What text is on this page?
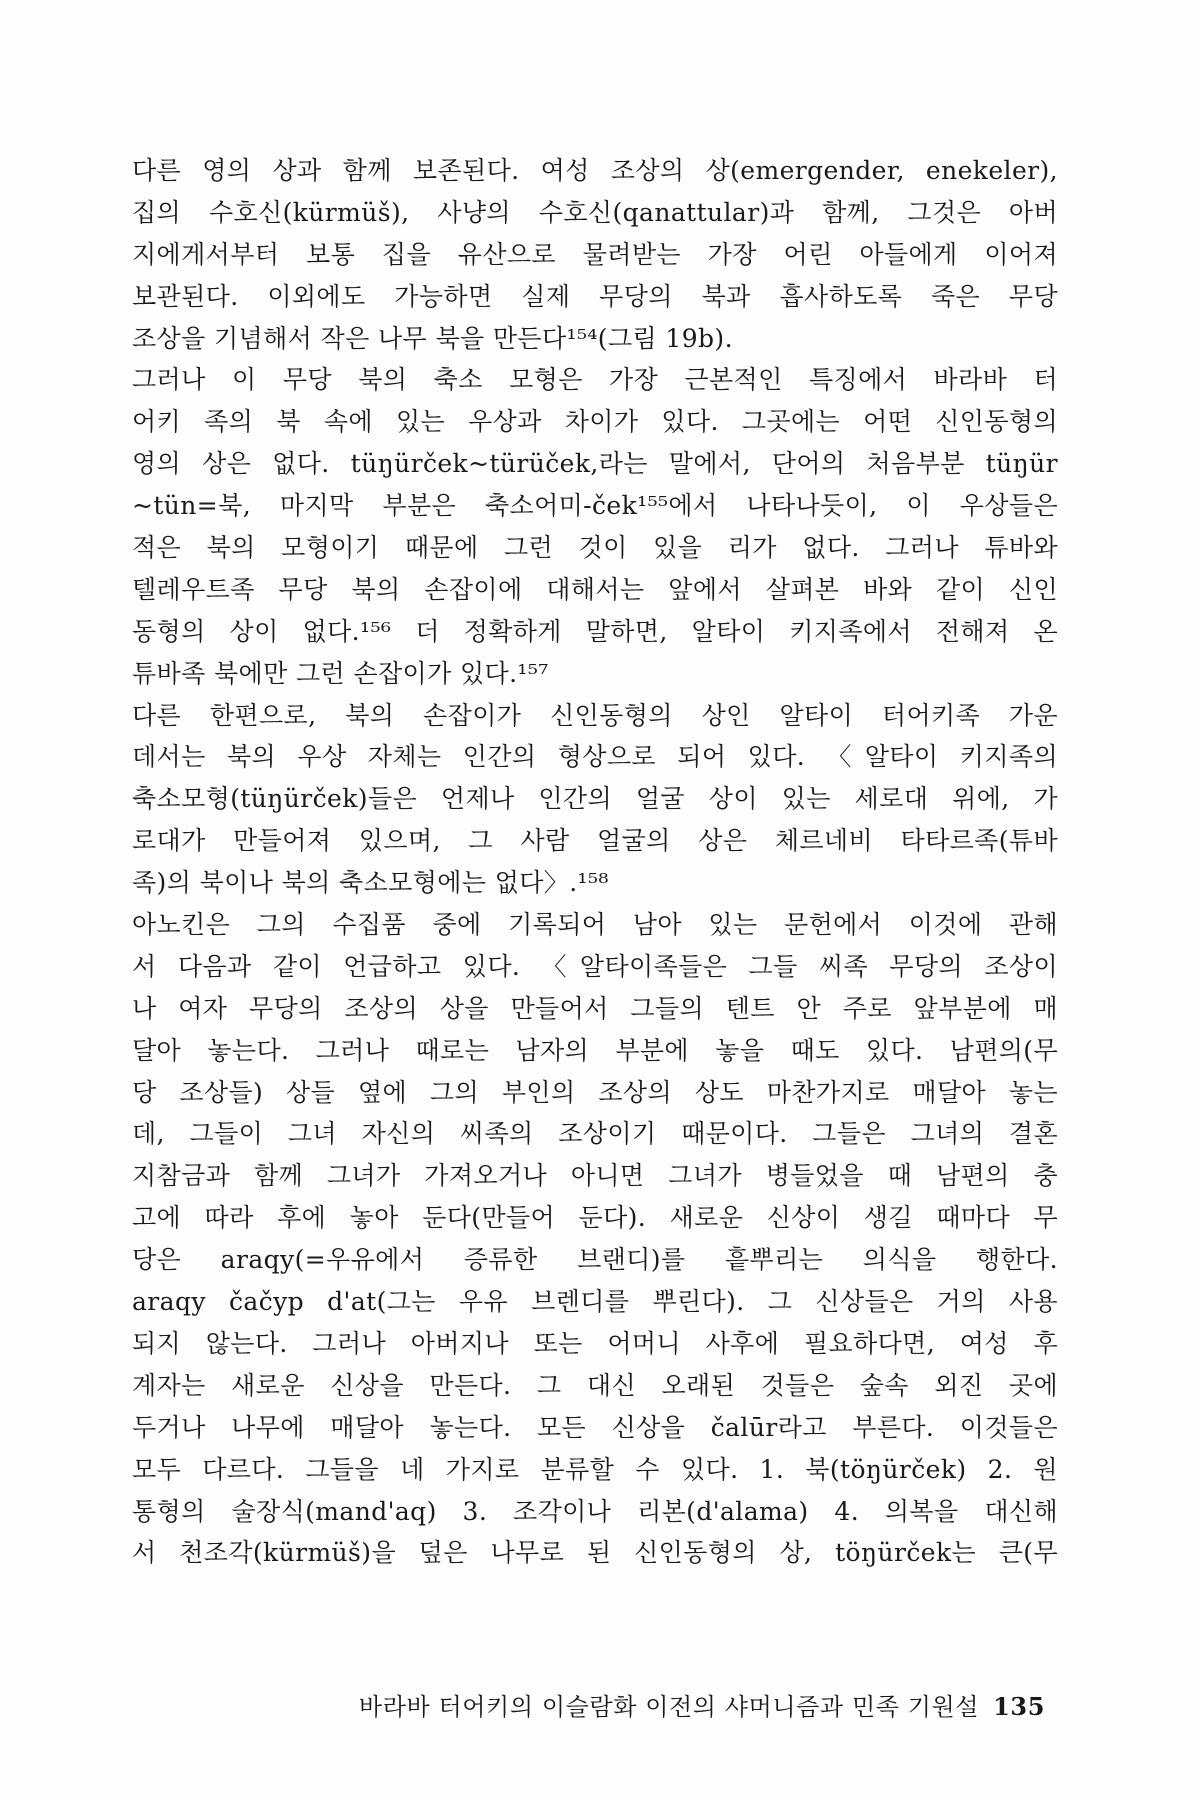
다른 영의 상과 함께 보존된다. 여성 조상의 상(emergender, enekeler),
집의 수호신(kürmüš), 사냥의 수호신(qanattular)과 함께, 그것은 아버
지에게서부터 보통 집을 유산으로 물려받는 가장 어린 아들에게 이어져
보관된다. 이외에도 가능하면 실제 무당의 북과 흡사하도록 죽은 무당
조상을 기념해서 작은 나무 북을 만든다¹⁵⁴(그림 19b).
그러나 이 무당 북의 축소 모형은 가장 근본적인 특징에서 바라바 터
어키 족의 북 속에 있는 우상과 차이가 있다. 그곳에는 어떤 신인동형의
영의 상은 없다. tüŋürček~türüček,라는 말에서, 단어의 처음부분 tüŋür
~tün=북, 마지막 부분은 축소어미-ček¹⁵⁵에서 나타나듯이, 이 우상들은
적은 북의 모형이기 때문에 그런 것이 있을 리가 없다. 그러나 튜바와
텔레우트족 무당 북의 손잡이에 대해서는 앞에서 살펴본 바와 같이 신인
동형의 상이 없다.¹⁵⁶ 더 정확하게 말하면, 알타이 키지족에서 전해져 온
튜바족 북에만 그런 손잡이가 있다.¹⁵⁷
다른 한편으로, 북의 손잡이가 신인동형의 상인 알타이 터어키족 가운
데서는 북의 우상 자체는 인간의 형상으로 되어 있다. 〈알타이 키지족의
축소모형(tüŋürček)들은 언제나 인간의 얼굴 상이 있는 세로대 위에, 가
로대가 만들어져 있으며, 그 사람 얼굴의 상은 체르네비 타타르족(튜바
족)의 북이나 북의 축소모형에는 없다〉.¹⁵⁸
아노킨은 그의 수집품 중에 기록되어 남아 있는 문헌에서 이것에 관해
서 다음과 같이 언급하고 있다. 〈알타이족들은 그들 씨족 무당의 조상이
나 여자 무당의 조상의 상을 만들어서 그들의 텐트 안 주로 앞부분에 매
달아 놓는다. 그러나 때로는 남자의 부분에 놓을 때도 있다. 남편의(무
당 조상들) 상들 옆에 그의 부인의 조상의 상도 마찬가지로 매달아 놓는
데, 그들이 그녀 자신의 씨족의 조상이기 때문이다. 그들은 그녀의 결혼
지참금과 함께 그녀가 가져오거나 아니면 그녀가 병들었을 때 남편의 충
고에 따라 후에 놓아 둔다(만들어 둔다). 새로운 신상이 생길 때마다 무
당은 araqy(=우유에서 증류한 브랜디)를 흩뿌리는 의식을 행한다.
araqy čačyp d'at(그는 우유 브렌디를 뿌린다). 그 신상들은 거의 사용
되지 않는다. 그러나 아버지나 또는 어머니 사후에 필요하다면, 여성 후
계자는 새로운 신상을 만든다. 그 대신 오래된 것들은 숲속 외진 곳에
두거나 나무에 매달아 놓는다. 모든 신상을 čalūr라고 부른다. 이것들은
모두 다르다. 그들을 네 가지로 분류할 수 있다. 1. 북(töŋürček) 2. 원
통형의 술장식(mand'aq) 3. 조각이나 리본(d'alama) 4. 의복을 대신해
서 천조각(kürmüš)을 덮은 나무로 된 신인동형의 상, töŋürček는 큰(무
바라바 터어키의 이슬람화 이전의 샤머니즘과 민족 기원설 135
